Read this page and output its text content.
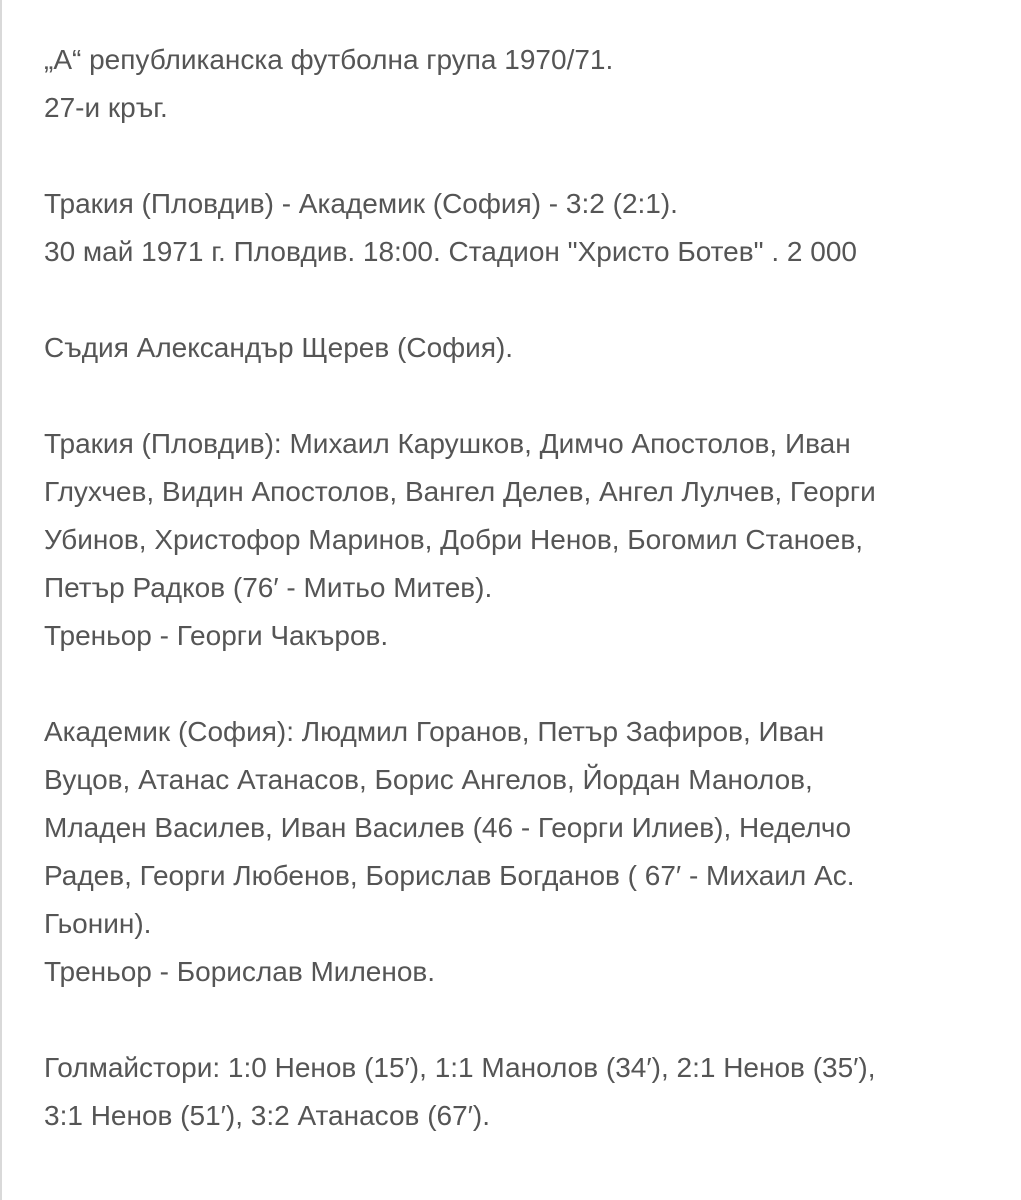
„А“ републиканска футболна група 1970/71.
27-и кръг.

Тракия (Пловдив) - Академик (София) - 3:2 (2:1).
30 май 1971 г. Пловдив. 18:00. Стадион "Христо Ботев" . 2 000

Съдия Александър Щерев (София).

Тракия (Пловдив): Михаил Карушков, Димчо Апостолов, Иван
Глухчев, Видин Апостолов, Вангел Делев, Ангел Лулчев, Георги
Убинов, Христофор Маринов, Добри Ненов, Богомил Станоев,
Петър Радков (76′ - Митьо Митев).
Треньор - Георги Чакъров.

Академик (София): Людмил Горанов, Петър Зафиров, Иван
Вуцов, Атанас Атанасов, Борис Ангелов, Йордан Манолов,
Младен Василев, Иван Василев (46 - Георги Илиев), Неделчо
Радев, Георги Любенов, Борислав Богданов ( 67′ - Михаил Ас.
Гьонин).
Треньор - Борислав Миленов.

Голмайстори: 1:0 Ненов (15′), 1:1 Манолов (34′), 2:1 Ненов (35′),
3:1 Ненов (51′), 3:2 Атанасов (67′).
